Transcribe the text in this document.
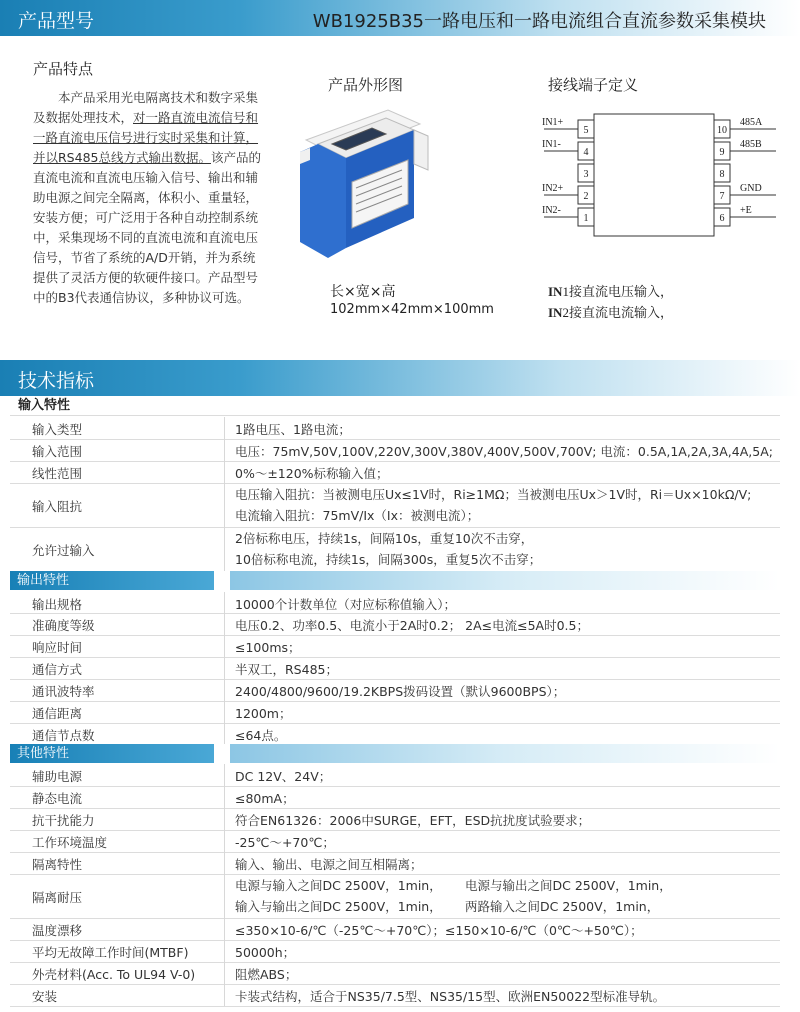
产品型号	WB1925B35一路电压和一路电流组合直流参数采集模块
产品特点
本产品采用光电隔离技术和数字采集及数据处理技术，对一路直流电流信号和一路直流电压信号进行实时采集和计算，并以RS485总线方式输出数据。该产品的直流电流和直流电压输入信号、输出和辅助电源之间完全隔离，体积小、重量轻，安装方便；可广泛用于各种自动控制系统中，采集现场不同的直流电流和直流电压信号，节省了系统的A/D开销，并为系统提供了灵活方便的软硬件接口。产品型号中的B3代表通信协议，多种协议可选。
产品外形图
长×宽×高
102mm×42mm×100mm
接线端子定义
5
IN1+
4
IN1-
3
2
IN2+
1
IN2-
10
485A
9
485B
8
7
GND
6
+E
IN1接直流电压输入，
IN2接直流电流输入，
技术指标
输入特性
输入类型	1路电压、1路电流；
输入范围	电压：75mV,50V,100V,220V,300V,380V,400V,500V,700V; 电流：0.5A,1A,2A,3A,4A,5A;
线性范围	0%～±120%标称输入值；
输入阻抗
电压输入阻抗：当被测电压Ux≤1V时，Ri≥1MΩ；当被测电压Ux＞1V时，Ri＝Ux×10kΩ/V;
电流输入阻抗：75mV/Ix（Ix：被测电流）；
允许过输入
2倍标称电压，持续1s，间隔10s，重复10次不击穿，
10倍标称电流，持续1s，间隔300s，重复5次不击穿；
输出特性
输出规格	10000个计数单位（对应标称值输入）；
准确度等级	电压0.2、功率0.5、电流小于2A时0.2； 2A≤电流≤5A时0.5；
响应时间	≤100ms；
通信方式	半双工，RS485；
通讯波特率	2400/4800/9600/19.2KBPS拨码设置（默认9600BPS）；
通信距离	1200m；
通信节点数	≤64点。
其他特性
辅助电源	DC 12V、24V；
静态电流	≤80mA；
抗干扰能力	符合EN61326：2006中SURGE，EFT，ESD抗扰度试验要求；
工作环境温度	-25℃～+70℃；
隔离特性	输入、输出、电源之间互相隔离；
隔离耐压
电源与输入之间DC 2500V，1min， 电源与输出之间DC 2500V，1min，
输入与输出之间DC 2500V，1min， 两路输入之间DC 2500V，1min，
温度漂移	≤350×10-6/℃（-25℃～+70℃）；≤150×10-6/℃（0℃～+50℃）；
平均无故障工作时间(MTBF)	50000h；
外壳材料(Acc. To UL94 V-0)	阻燃ABS；
安装	卡装式结构，适合于NS35/7.5型、NS35/15型、欧洲EN50022型标准导轨。
